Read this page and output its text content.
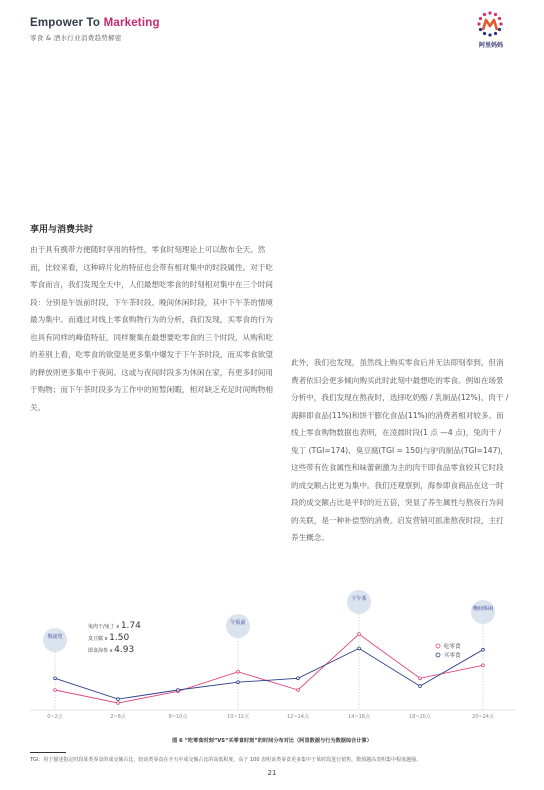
Empower To Marketing
零食 & 酒水行业消费趋势解密
阿里妈妈
享用与消费共时
由于具有携带方便随时享用的特性，零食时刻理论上可以散布全天。然而，比较来看，这种碎片化的特征也会带有相对集中的时段属性。对于吃零食而言，我们发现全天中，人们最想吃零食的时刻相对集中在三个时间段：分别是午饭前时段、下午茶时段、晚间休闲时段，其中下午茶的情境最为集中。而通过对线上零食购物行为的分析，我们发现，买零食的行为也具有同样的峰值特征，同样聚集在最想要吃零食的三个时段，从购和吃的差别上看，吃零食的欲望是更多集中爆发于下午茶时段，而买零食欲望的释放则更多集中于夜间。这或与夜间时段多为休闲在家，有更多时间用于购物；而下午茶时段多为工作中的短暂闲暇，相对缺乏充足时间购物相关。
此外，我们也发现，虽然线上购买零食后并无法即刻奉到，但消费者依旧会更多倾向购买此时此刻中最想吃的零食。例如在场景分析中，我们发现在熬夜时，选择吃奶酪 / 乳制品(12%)、肉干 / 海鲜即食品(11%)和饼干膨化食品(11%)的消费者相对较多。而线上零食购物数据也表明，在凌晨时段(1 点 —4 点)，兔肉干 / 兔丁 (TGI=174)、臭豆腐(TGI = 150)与驴肉制品(TGI=147)，这些带有佐食属性和味蕾刺激为主的肉干即食品零食较其它时段的成交额占比更为集中。我们还观察到，海参即食商品在这一时段的成交额占比是平时的近五倍，突显了养生属性与熬夜行为间的关联，是一种补偿型的消费。启发营销可抓准熬夜时段，主打养生概念。
0~2点	2~8点	8~10点	10~12点	12~14点	14~18点	18~20点	20~24点
熬夜党
午饭前
下午茶
晚间休闲
兔肉干/兔丁 x 1.74
臭豆腐 x 1.50
即食海参 x 4.93	吃零食
买零食
图 6 “吃零食时刻”VS“买零食时刻”的时间分布对比（阿里数据与行为数据综合计算）
TGI：用于描述指定时段某类零食的成交额占比，较该类零食在全天中成交额占比的高低程度，高于 100 表明该类零食更多集中于某时段进行销售，数值越高表明集中程度越强。
21
